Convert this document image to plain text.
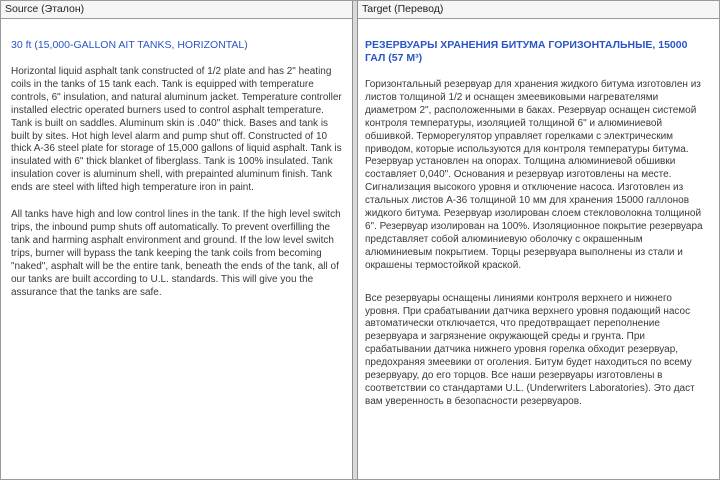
Source (Эталон)
30 ft (15,000-GALLON AIT TANKS, HORIZONTAL)

Horizontal liquid asphalt tank constructed of 1/2 plate and has 2" heating coils in the tanks of 15 tank each. Tank is equipped with temperature controls, 6" insulation, and natural aluminum jacket. Temperature controller installed electric operated burners used to control asphalt temperature. Tank is built on saddles. Aluminum skin is .040" thick. Bases and tank is built by sites. Hot high level alarm and pump shut off. Constructed of 10 thick A-36 steel plate for storage of 15,000 gallons of liquid asphalt. Tank is insulated with 6" thick blanket of fiberglass. Tank is 100% insulated. Tank insulation cover is aluminum shell, with prepainted aluminum finish. Tank ends are steel with lifted high temperature iron in paint.

All tanks have high and low control lines in the tank. If the high level switch trips, the inbound pump shuts off automatically. To prevent overfilling the tank and harming asphalt environment and ground. If the low level switch trips, burner will bypass the tank keeping the tank coils from becoming "naked", asphalt will be the entire tank, beneath the ends of the tank, all of our tanks are built according to U.L. standards. This will give you the assurance that the tanks are safe.

Target (Перевод)
РЕЗЕРВУАРЫ ХРАНЕНИЯ БИТУМА ГОРИЗОНТАЛЬНЫЕ, 15000 ГАЛ (57 М³)

Горизонтальный резервуар для хранения жидкого битума изготовлен из листов толщиной 1/2 и оснащен змеевиковыми нагревателями диаметром 2", расположенными в баках. Резервуар оснащен системой контроля температуры, изоляцией толщиной 6" и алюминиевой обшивкой. Терморегулятор управляет горелками с электрическим приводом, которые используются для контроля температуры битума. Резервуар установлен на опорах. Толщина алюминиевой обшивки составляет 0,040". Основания и резервуар изготовлены на месте. Сигнализация высокого уровня и отключение насоса. Изготовлен из стальных листов A-36 толщиной 10 мм для хранения 15000 галлонов жидкого битума. Резервуар изолирован слоем стекловолокна толщиной 6". Резервуар изолирован на 100%. Изоляционное покрытие резервуара представляет собой алюминиевую оболочку с окрашенным алюминиевым покрытием. Торцы резервуара выполнены из стали и окрашены термостойкой краской.

Все резервуары оснащены линиями контроля верхнего и нижнего уровня. При срабатывании датчика верхнего уровня подающий насос автоматически отключается, что предотвращает переполнение резервуара и загрязнение окружающей среды и грунта. При срабатывании датчика нижнего уровня горелка обходит резервуар, предохраняя змеевики от оголения. Битум будет находиться по всему резервуару, до его торцов. Все наши резервуары изготовлены в соответствии со стандартами U.L. (Underwriters Laboratories). Это даст вам уверенность в безопасности резервуаров.
